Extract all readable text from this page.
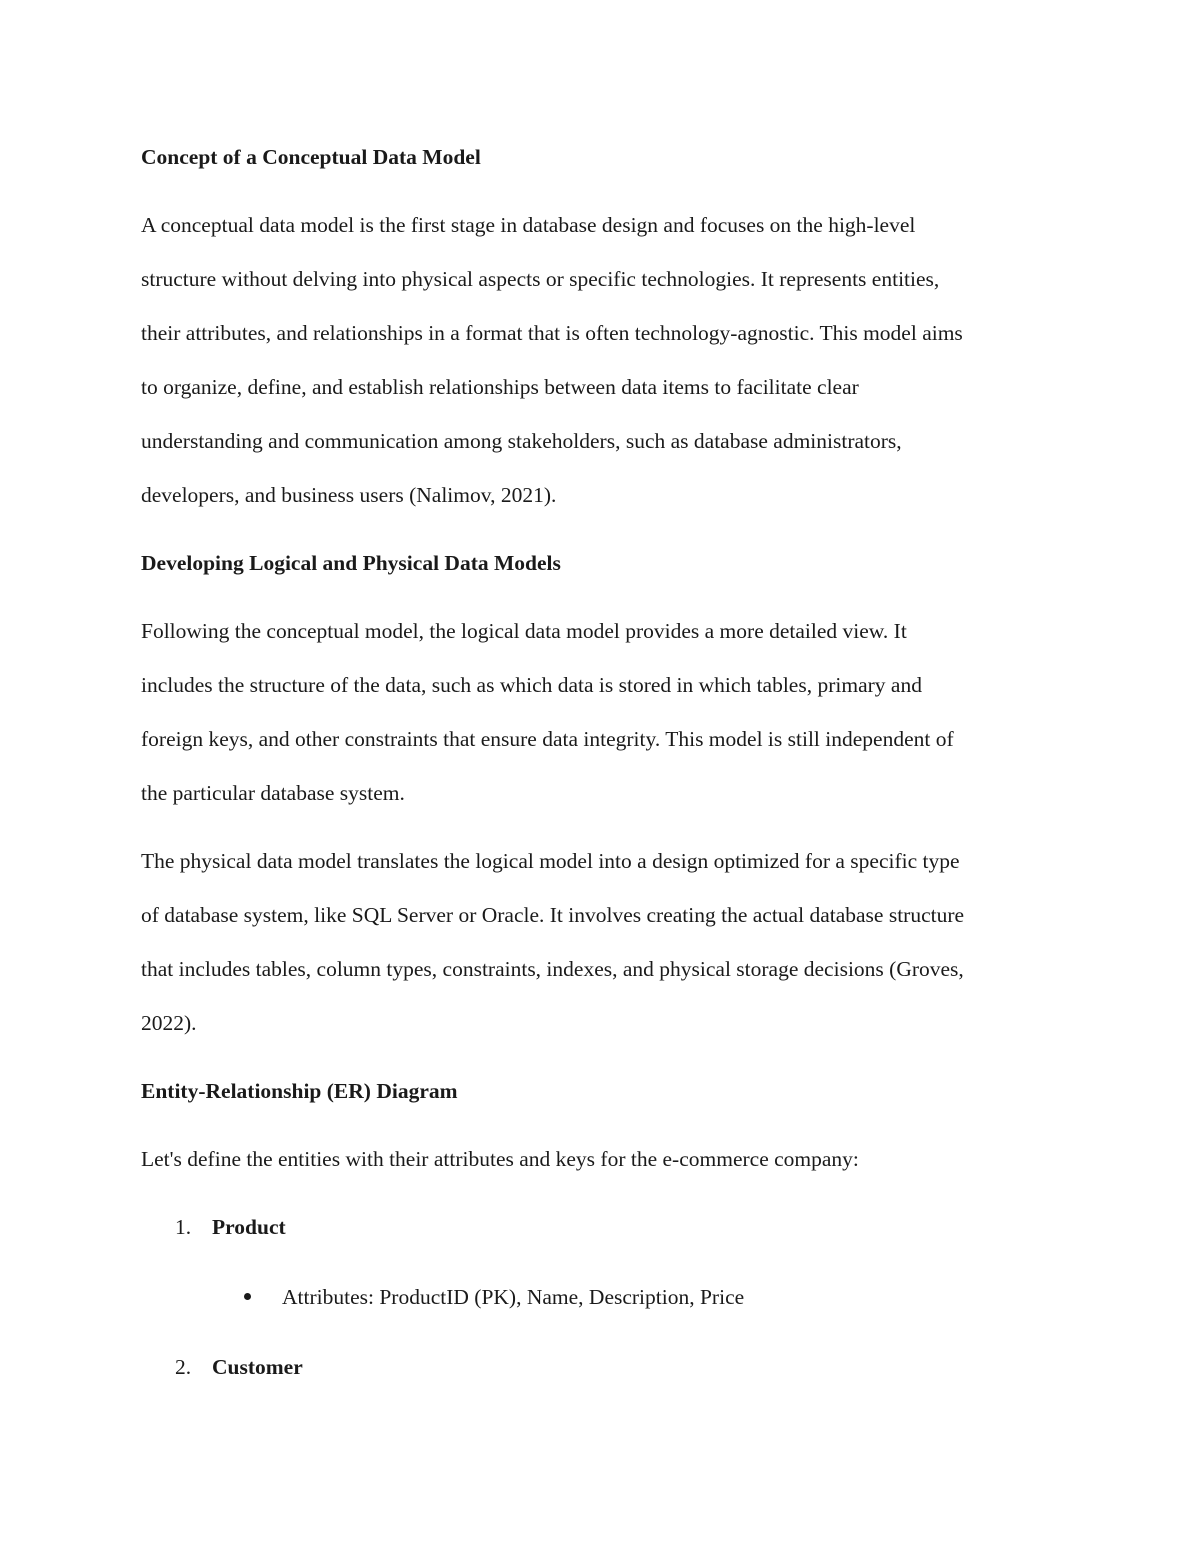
Concept of a Conceptual Data Model
A conceptual data model is the first stage in database design and focuses on the high-level
structure without delving into physical aspects or specific technologies. It represents entities,
their attributes, and relationships in a format that is often technology-agnostic. This model aims
to organize, define, and establish relationships between data items to facilitate clear
understanding and communication among stakeholders, such as database administrators,
developers, and business users (Nalimov, 2021).
Developing Logical and Physical Data Models
Following the conceptual model, the logical data model provides a more detailed view. It
includes the structure of the data, such as which data is stored in which tables, primary and
foreign keys, and other constraints that ensure data integrity. This model is still independent of
the particular database system.
The physical data model translates the logical model into a design optimized for a specific type
of database system, like SQL Server or Oracle. It involves creating the actual database structure
that includes tables, column types, constraints, indexes, and physical storage decisions (Groves,
2022).
Entity-Relationship (ER) Diagram
Let's define the entities with their attributes and keys for the e-commerce company:
1. Product
Attributes: ProductID (PK), Name, Description, Price
2. Customer
